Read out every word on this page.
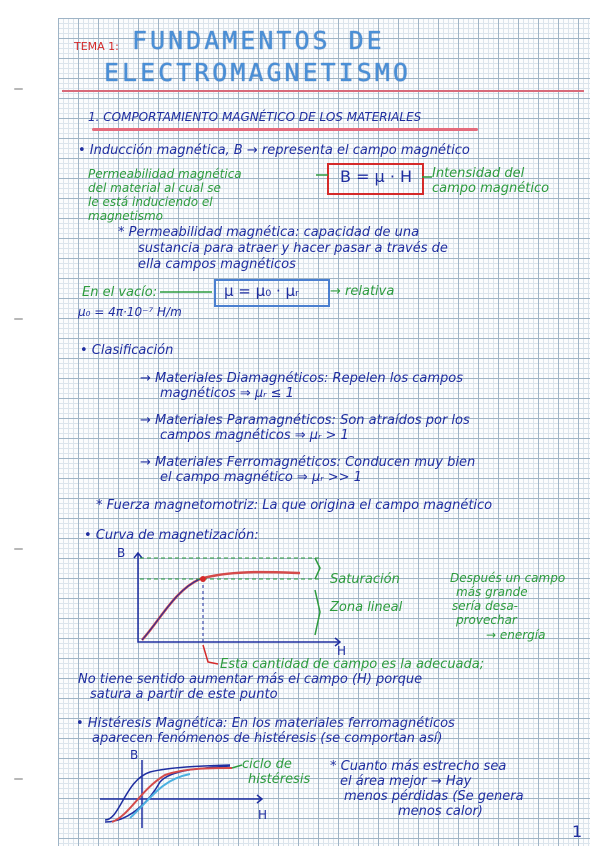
TEMA 1: FUNDAMENTOS DE
ELECTROMAGNETISMO
1. COMPORTAMIENTO MAGNÉTICO DE LOS MATERIALES
• Inducción magnética, B → representa el campo magnético
Permeabilidad magnética
del material al cual se
le está induciendo el
magnetismo
B = μ · H Intensidad del
campo magnético
* Permeabilidad magnética: capacidad de una
sustancia para atraer y hacer pasar a través de
ella campos magnéticos
En el vacío:
μ₀ = 4π·10⁻⁷ H/m
μ = μ₀ · μᵣ → relativa
• Clasificación
→ Materiales Diamagnéticos: Repelen los campos
magnéticos ⇒ μᵣ ≤ 1
→ Materiales Paramagnéticos: Son atraídos por los
campos magnéticos ⇒ μᵣ > 1
→ Materiales Ferromagnéticos: Conducen muy bien
el campo magnético ⇒ μᵣ >> 1
* Fuerza magnetomotriz: La que origina el campo magnético
• Curva de magnetización:
B
H
Saturación
Zona lineal
Después un campo
más grande
sería desa-
provechar
→ energía
Esta cantidad de campo es la adecuada;
No tiene sentido aumentar más el campo (H) porque
satura a partir de este punto
• Histéresis Magnética: En los materiales ferromagnéticos
aparecen fenómenos de histéresis (se comportan así)
B
H
ciclo de
histéresis
* Cuanto más estrecho sea
el área mejor → Hay
menos pérdidas (Se genera
menos calor)
1
